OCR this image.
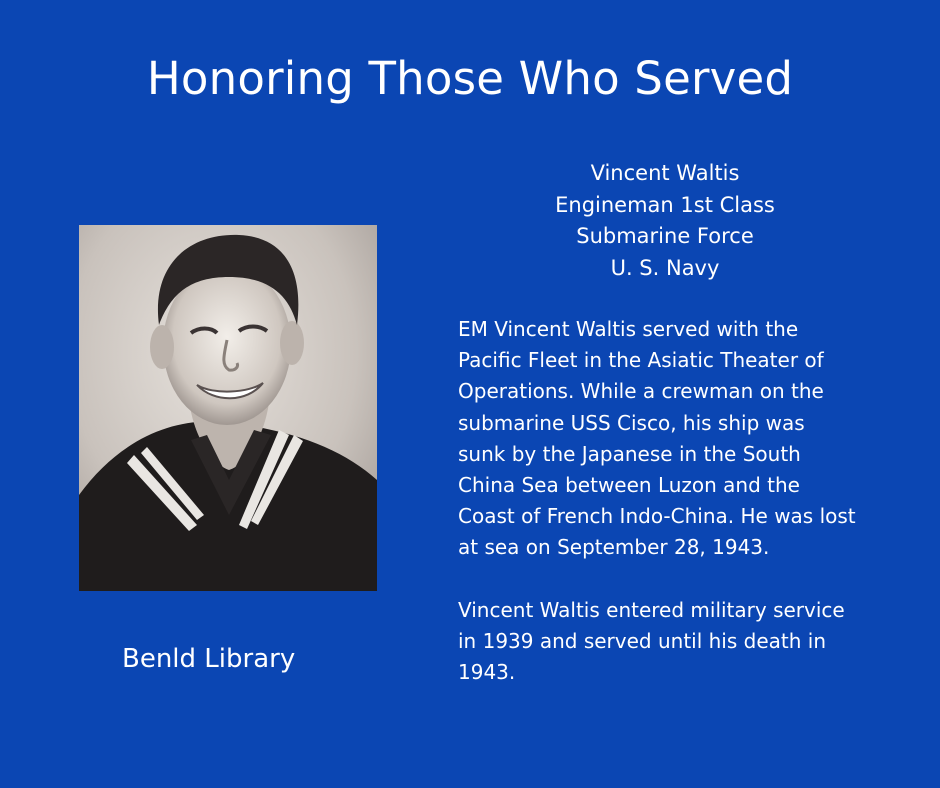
Honoring Those Who Served
Vincent Waltis
Engineman 1st Class
Submarine Force
U. S. Navy

EM Vincent Waltis served with the Pacific Fleet in the Asiatic Theater of Operations. While a crewman on the submarine USS Cisco, his ship was sunk by the Japanese in the South China Sea between Luzon and the Coast of French Indo-China. He was lost at sea on September 28, 1943.

Vincent Waltis entered military service in 1939 and served until his death in 1943.

Benld Library
